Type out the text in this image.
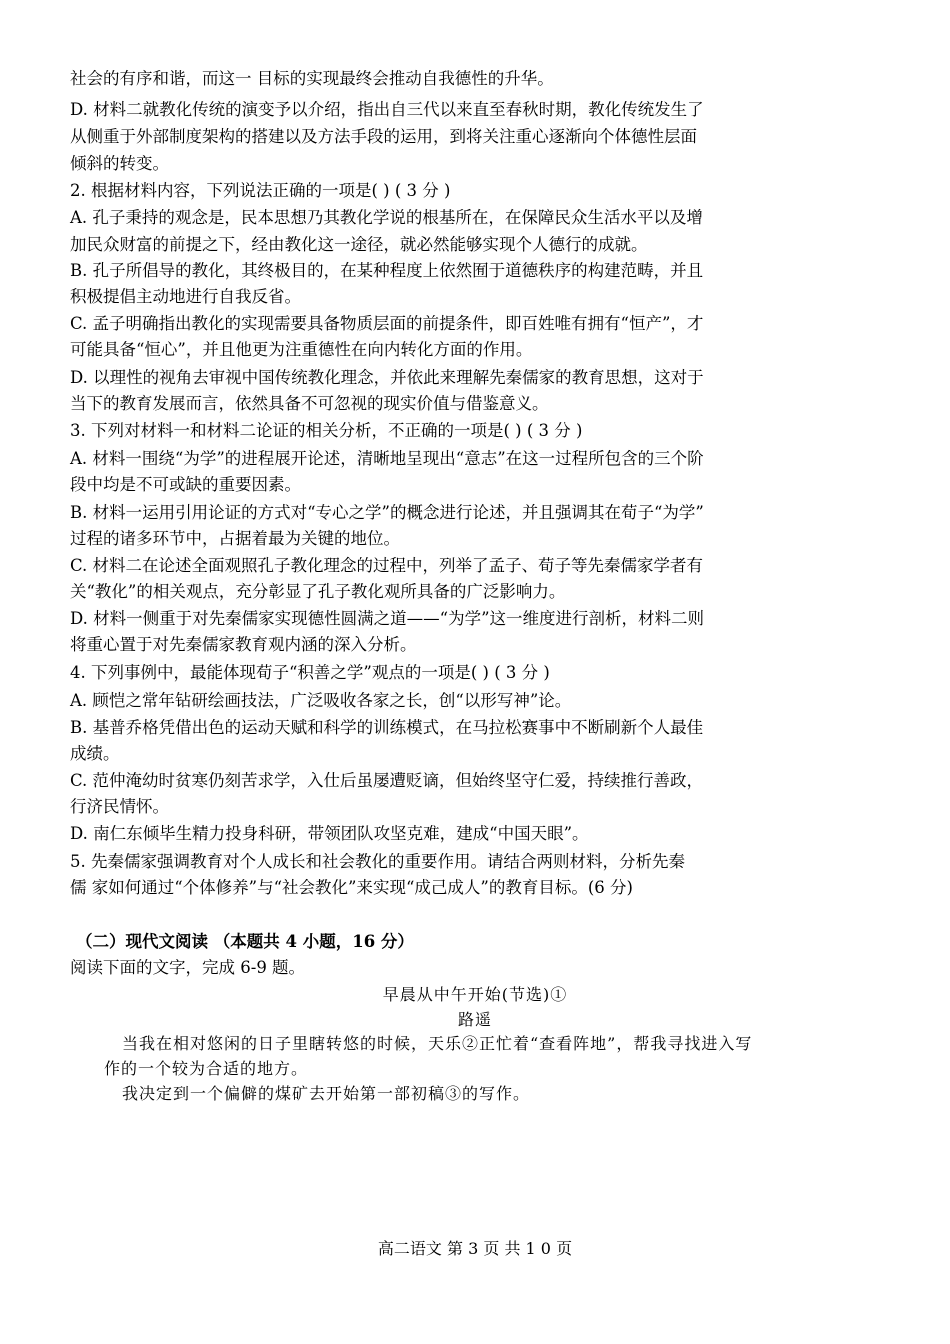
社会的有序和谐，而这一 目标的实现最终会推动自我德性的升华。
D. 材料二就教化传统的演变予以介绍，指出自三代以来直至春秋时期，教化传统发生了
从侧重于外部制度架构的搭建以及方法手段的运用，到将关注重心逐渐向个体德性层面
倾斜的转变。
2. 根据材料内容，下列说法正确的一项是( ) ( 3 分 )
A. 孔子秉持的观念是，民本思想乃其教化学说的根基所在，在保障民众生活水平以及增
加民众财富的前提之下，经由教化这一途径，就必然能够实现个人德行的成就。
B. 孔子所倡导的教化，其终极目的，在某种程度上依然囿于道德秩序的构建范畴，并且
积极提倡主动地进行自我反省。
C. 孟子明确指出教化的实现需要具备物质层面的前提条件，即百姓唯有拥有“恒产”，才
可能具备“恒心”，并且他更为注重德性在向内转化方面的作用。
D. 以理性的视角去审视中国传统教化理念，并依此来理解先秦儒家的教育思想，这对于
当下的教育发展而言，依然具备不可忽视的现实价值与借鉴意义。
3. 下列对材料一和材料二论证的相关分析，不正确的一项是( ) ( 3 分 )
A. 材料一围绕“为学”的进程展开论述，清晰地呈现出“意志”在这一过程所包含的三个阶
段中均是不可或缺的重要因素。
B. 材料一运用引用论证的方式对“专心之学”的概念进行论述，并且强调其在荀子“为学”
过程的诸多环节中，占据着最为关键的地位。
C. 材料二在论述全面观照孔子教化理念的过程中，列举了孟子、荀子等先秦儒家学者有
关“教化”的相关观点，充分彰显了孔子教化观所具备的广泛影响力。
D. 材料一侧重于对先秦儒家实现德性圆满之道——“为学”这一维度进行剖析，材料二则
将重心置于对先秦儒家教育观内涵的深入分析。
4. 下列事例中，最能体现荀子“积善之学”观点的一项是( ) ( 3 分 )
A. 顾恺之常年钻研绘画技法，广泛吸收各家之长，创“以形写神”论。
B. 基普乔格凭借出色的运动天赋和科学的训练模式，在马拉松赛事中不断刷新个人最佳
成绩。
C. 范仲淹幼时贫寒仍刻苦求学，入仕后虽屡遭贬谪，但始终坚守仁爱，持续推行善政，
行济民情怀。
D. 南仁东倾毕生精力投身科研，带领团队攻坚克难，建成“中国天眼”。
5. 先秦儒家强调教育对个人成长和社会教化的重要作用。请结合两则材料，分析先秦
儒 家如何通过“个体修养”与“社会教化”来实现“成己成人”的教育目标。(6 分)
（二）现代文阅读 （本题共 4 小题，16 分）
阅读下面的文字，完成 6-9 题。
早晨从中午开始(节选)①
路遥
当我在相对悠闲的日子里瞎转悠的时候，天乐②正忙着“查看阵地”，帮我寻找进入写
作的一个较为合适的地方。
我决定到一个偏僻的煤矿去开始第一部初稿③的写作。
高二语文 第 3 页 共 1 0 页
